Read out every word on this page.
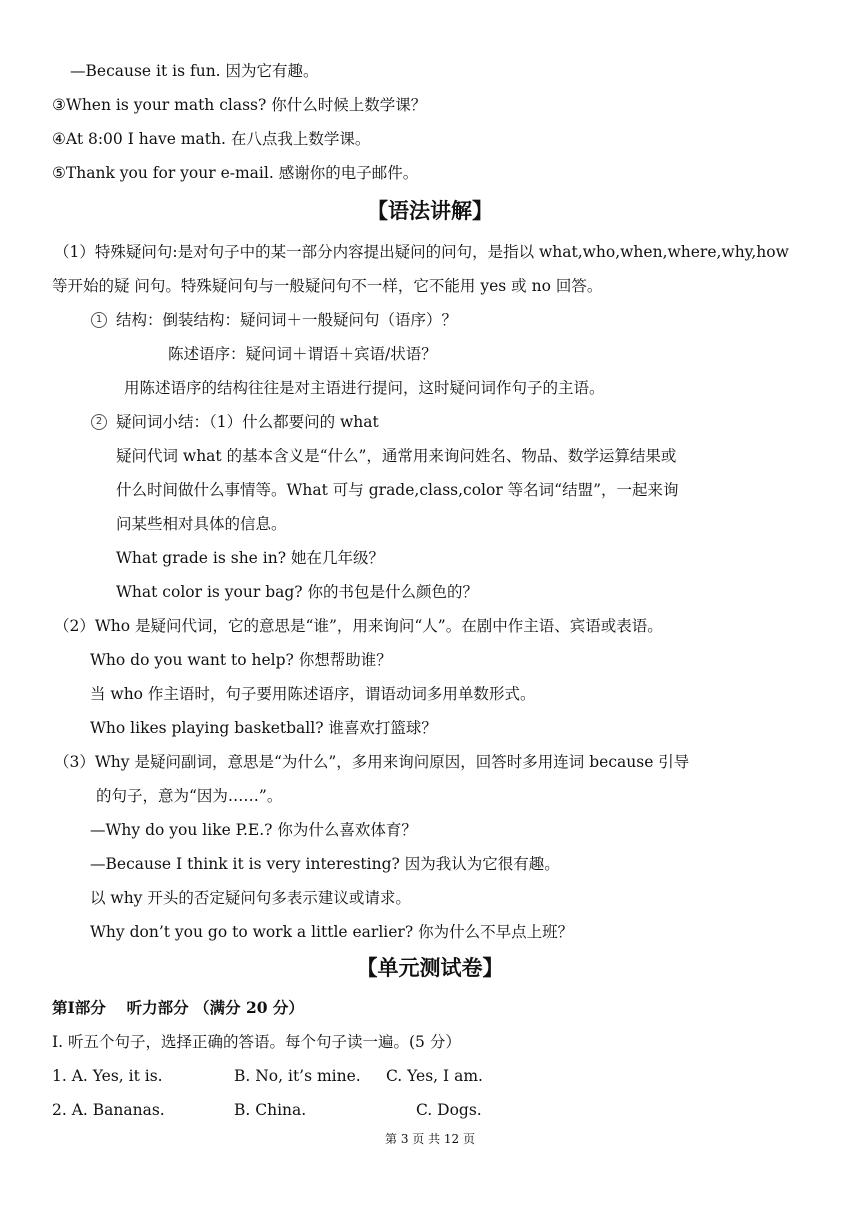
—Because it is fun. 因为它有趣。
③When is your math class? 你什么时候上数学课？
④At 8:00 I have math. 在八点我上数学课。
⑤Thank you for your e-mail. 感谢你的电子邮件。
【语法讲解】
（1）特殊疑问句:是对句子中的某一部分内容提出疑问的问句，是指以 what,who,when,where,why,how
等开始的疑 问句。特殊疑问句与一般疑问句不一样，它不能用 yes 或 no 回答。
1 结构：倒装结构：疑问词＋一般疑问句（语序）？
陈述语序：疑问词＋谓语＋宾语/状语？
用陈述语序的结构往往是对主语进行提问，这时疑问词作句子的主语。
2 疑问词小结：（1）什么都要问的 what
疑问代词 what 的基本含义是“什么”，通常用来询问姓名、物品、数学运算结果或
什么时间做什么事情等。What 可与 grade,class,color 等名词“结盟”，一起来询
问某些相对具体的信息。
What grade is she in? 她在几年级？
What color is your bag? 你的书包是什么颜色的？
（2）Who 是疑问代词，它的意思是“谁”，用来询问“人”。在剧中作主语、宾语或表语。
Who do you want to help? 你想帮助谁？
当 who 作主语时，句子要用陈述语序，谓语动词多用单数形式。
Who likes playing basketball? 谁喜欢打篮球？
（3）Why 是疑问副词，意思是“为什么”，多用来询问原因，回答时多用连词 because 引导
的句子，意为“因为……”。
—Why do you like P.E.? 你为什么喜欢体育？
—Because I think it is very interesting? 因为我认为它很有趣。
以 why 开头的否定疑问句多表示建议或请求。
Why don’t you go to work a little earlier? 你为什么不早点上班？
【单元测试卷】
第Ⅰ部分　 听力部分 （满分 20 分）
I. 听五个句子，选择正确的答语。每个句子读一遍。(5 分）
1. A. Yes, it is.	B. No, it’s mine. C. Yes, I am.
2. A. Bananas.	B. China.	C. Dogs.
第 3 页 共 12 页
